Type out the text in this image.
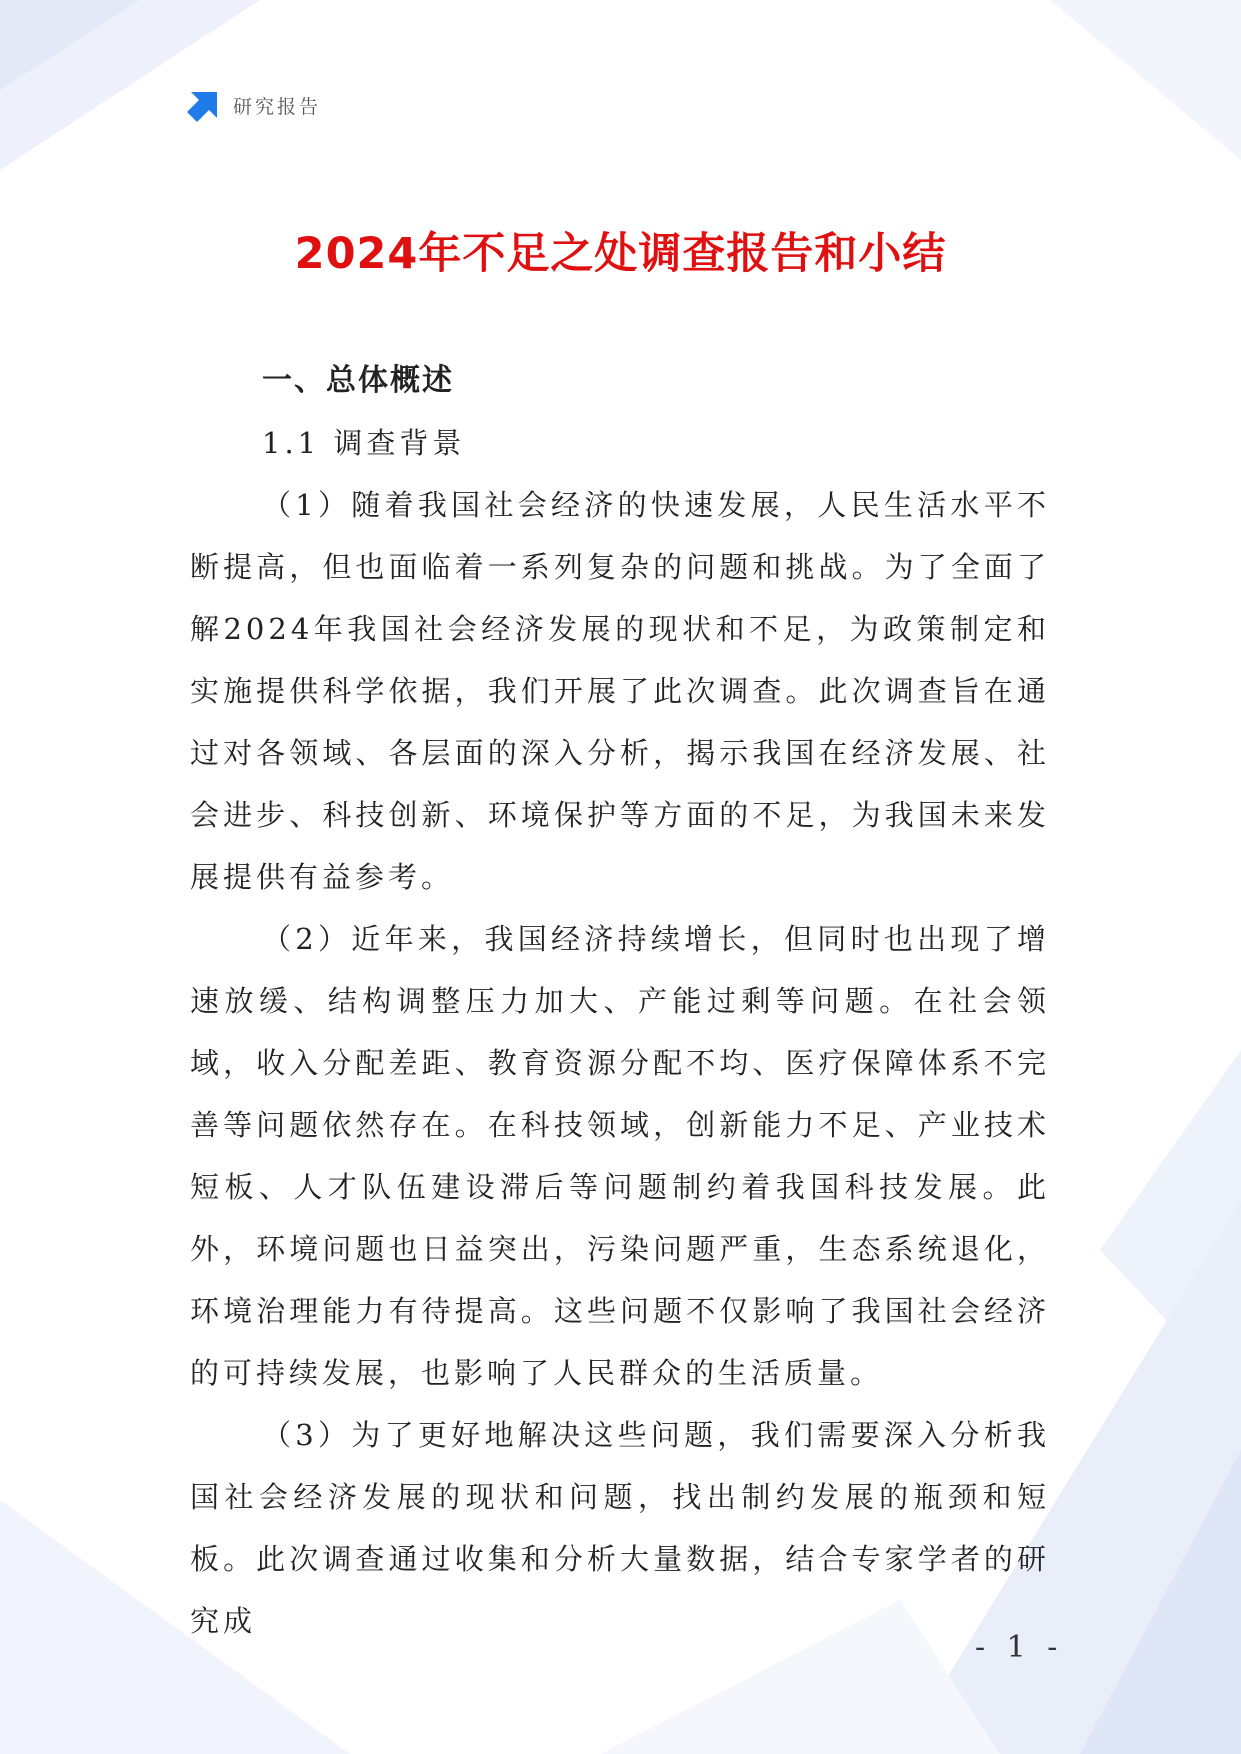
研究报告
2024年不足之处调查报告和小结
一、总体概述
1.1 调查背景

（1）随着我国社会经济的快速发展，人民生活水平不断提高，但也面临着一系列复杂的问题和挑战。为了全面了解2024年我国社会经济发展的现状和不足，为政策制定和实施提供科学依据，我们开展了此次调查。此次调查旨在通过对各领域、各层面的深入分析，揭示我国在经济发展、社会进步、科技创新、环境保护等方面的不足，为我国未来发展提供有益参考。

（2）近年来，我国经济持续增长，但同时也出现了增速放缓、结构调整压力加大、产能过剩等问题。在社会领域，收入分配差距、教育资源分配不均、医疗保障体系不完善等问题依然存在。在科技领域，创新能力不足、产业技术短板、人才队伍建设滞后等问题制约着我国科技发展。此外，环境问题也日益突出，污染问题严重，生态系统退化，环境治理能力有待提高。这些问题不仅影响了我国社会经济的可持续发展，也影响了人民群众的生活质量。

（3）为了更好地解决这些问题，我们需要深入分析我国社会经济发展的现状和问题，找出制约发展的瓶颈和短板。此次调查通过收集和分析大量数据，结合专家学者的研究成

- 1 -
